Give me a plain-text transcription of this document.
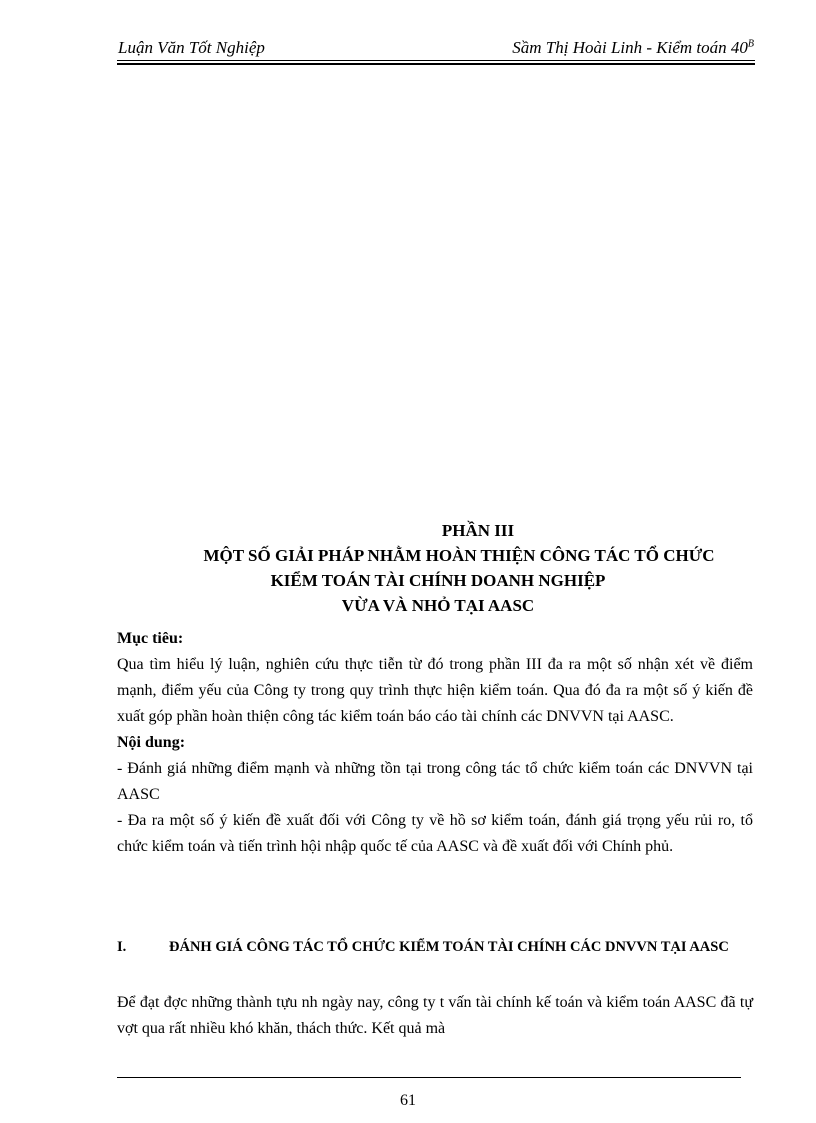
Luận Văn Tốt Nghiệp	Sầm Thị Hoài Linh - Kiểm toán $40^B$
PHẦN III
MỘT SỐ GIẢI PHÁP NHẰM HOÀN THIỆN CÔNG TÁC TỔ CHỨC
KIỂM TOÁN TÀI CHÍNH DOANH NGHIỆP
VỪA VÀ NHỎ TẠI AASC
Mục tiêu:
Qua tìm hiểu lý luận, nghiên cứu thực tiễn từ đó trong phần III đa ra một số nhận xét về điểm mạnh, điểm yếu của Công ty trong quy trình thực hiện kiểm toán. Qua đó đa ra một số ý kiến đề xuất góp phần hoàn thiện công tác kiểm toán báo cáo tài chính các DNVVN tại AASC.
Nội dung:
- Đánh giá những điểm mạnh và những tồn tại trong công tác tổ chức kiểm toán các DNVVN tại AASC
- Đa ra một số ý kiến đề xuất đối với Công ty về hồ sơ kiểm toán, đánh giá trọng yếu rủi ro, tổ chức kiểm toán và tiến trình hội nhập quốc tế của AASC và đề xuất đối với Chính phủ.
I.	ĐÁNH GIÁ CÔNG TÁC TỔ CHỨC KIỂM TOÁN TÀI CHÍNH CÁC DNVVN TẠI AASC
Để đạt đợc những thành tựu nh ngày nay, công ty t vấn tài chính kế toán và kiểm toán AASC đã tự vợt qua rất nhiều khó khăn, thách thức. Kết quả mà
61
